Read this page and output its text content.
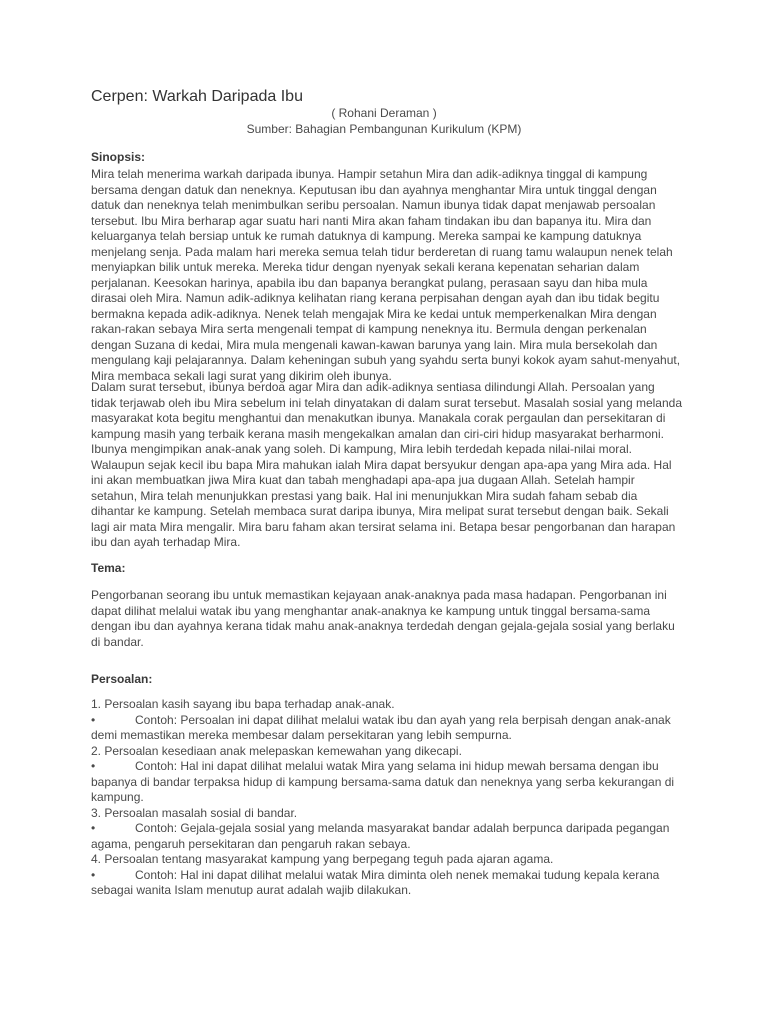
Cerpen: Warkah Daripada Ibu
( Rohani Deraman )
Sumber: Bahagian Pembangunan Kurikulum (KPM)
Sinopsis:
Mira telah menerima warkah daripada ibunya. Hampir setahun Mira dan adik-adiknya tinggal di kampung
bersama dengan datuk dan neneknya. Keputusan ibu dan ayahnya menghantar Mira untuk tinggal dengan
datuk dan neneknya telah menimbulkan seribu persoalan. Namun ibunya tidak dapat menjawab persoalan
tersebut. Ibu Mira berharap agar suatu hari nanti Mira akan faham tindakan ibu dan bapanya itu. Mira dan
keluarganya telah bersiap untuk ke rumah datuknya di kampung. Mereka sampai ke kampung datuknya
menjelang senja. Pada malam hari mereka semua telah tidur berderetan di ruang tamu walaupun nenek telah
menyiapkan bilik untuk mereka. Mereka tidur dengan nyenyak sekali kerana kepenatan seharian dalam
perjalanan. Keesokan harinya, apabila ibu dan bapanya berangkat pulang, perasaan sayu dan hiba mula
dirasai oleh Mira. Namun adik-adiknya kelihatan riang kerana perpisahan dengan ayah dan ibu tidak begitu
bermakna kepada adik-adiknya. Nenek telah mengajak Mira ke kedai untuk memperkenalkan Mira dengan
rakan-rakan sebaya Mira serta mengenali tempat di kampung neneknya itu. Bermula dengan perkenalan
dengan Suzana di kedai, Mira mula mengenali kawan-kawan barunya yang lain. Mira mula bersekolah dan
mengulang kaji pelajarannya. Dalam keheningan subuh yang syahdu serta bunyi kokok ayam sahut-menyahut,
Mira membaca sekali lagi surat yang dikirim oleh ibunya.
Dalam surat tersebut, ibunya berdoa agar Mira dan adik-adiknya sentiasa dilindungi Allah. Persoalan yang
tidak terjawab oleh ibu Mira sebelum ini telah dinyatakan di dalam surat tersebut. Masalah sosial yang melanda
masyarakat kota begitu menghantui dan menakutkan ibunya. Manakala corak pergaulan dan persekitaran di
kampung masih yang terbaik kerana masih mengekalkan amalan dan ciri-ciri hidup masyarakat berharmoni.
Ibunya mengimpikan anak-anak yang soleh. Di kampung, Mira lebih terdedah kepada nilai-nilai moral.
Walaupun sejak kecil ibu bapa Mira mahukan ialah Mira dapat bersyukur dengan apa-apa yang Mira ada. Hal
ini akan membuatkan jiwa Mira kuat dan tabah menghadapi apa-apa jua dugaan Allah. Setelah hampir
setahun, Mira telah menunjukkan prestasi yang baik. Hal ini menunjukkan Mira sudah faham sebab dia
dihantar ke kampung. Setelah membaca surat daripa ibunya, Mira melipat surat tersebut dengan baik. Sekali
lagi air mata Mira mengalir. Mira baru faham akan tersirat selama ini. Betapa besar pengorbanan dan harapan
ibu dan ayah terhadap Mira.
Tema:
Pengorbanan seorang ibu untuk memastikan kejayaan anak-anaknya pada masa hadapan. Pengorbanan ini
dapat dilihat melalui watak ibu yang menghantar anak-anaknya ke kampung untuk tinggal bersama-sama
dengan ibu dan ayahnya kerana tidak mahu anak-anaknya terdedah dengan gejala-gejala sosial yang berlaku
di bandar.
Persoalan:
1. Persoalan kasih sayang ibu bapa terhadap anak-anak.
•	Contoh: Persoalan ini dapat dilihat melalui watak ibu dan ayah yang rela berpisah dengan anak-anak
demi memastikan mereka membesar dalam persekitaran yang lebih sempurna.
2. Persoalan kesediaan anak melepaskan kemewahan yang dikecapi.
•	Contoh: Hal ini dapat dilihat melalui watak Mira yang selama ini hidup mewah bersama dengan ibu
bapanya di bandar terpaksa hidup di kampung bersama-sama datuk dan neneknya yang serba kekurangan di
kampung.
3. Persoalan masalah sosial di bandar.
•	Contoh: Gejala-gejala sosial yang melanda masyarakat bandar adalah berpunca daripada pegangan
agama, pengaruh persekitaran dan pengaruh rakan sebaya.
4. Persoalan tentang masyarakat kampung yang berpegang teguh pada ajaran agama.
•	Contoh: Hal ini dapat dilihat melalui watak Mira diminta oleh nenek memakai tudung kepala kerana
sebagai wanita Islam menutup aurat adalah wajib dilakukan.
